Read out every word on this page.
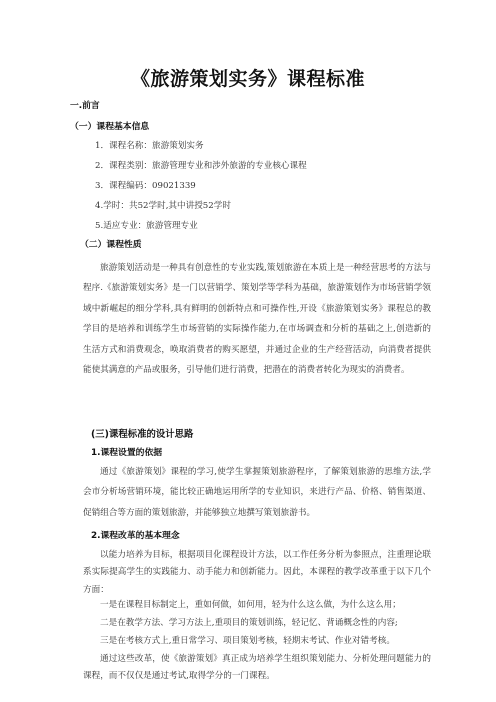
《旅游策划实务》课程标准
一.前言
（一）课程基本信息
1．课程名称：旅游策划实务
2．课程类别：旅游管理专业和涉外旅游的专业核心课程
3．课程编码：09021339
4.学时：共52学时,其中讲授52学时
5.适应专业：旅游管理专业
（二）课程性质

旅游策划活动是一种具有创意性的专业实践,策划旅游在本质上是一种经营思考的方法与程序.《旅游策划实务》是一门以营销学、策划学等学科为基础，旅游策划作为市场营销学领域中新崛起的细分学科,具有鲜明的创新特点和可操作性,开设《旅游策划实务》课程总的教学目的是培养和训练学生市场营销的实际操作能力,在市场调查和分析的基础之上,创造新的生活方式和消费观念，唤取消费者的购买愿望，并通过企业的生产经营活动，向消费者提供能使其满意的产品或服务，引导他们进行消费，把潜在的消费者转化为现实的消费者。

(三)课程标准的设计思路
1.课程设置的依据

通过《旅游策划》课程的学习,使学生掌握策划旅游程序，了解策划旅游的思维方法,学会市分析场营销环境，能比较正确地运用所学的专业知识，来进行产品、价格、销售渠道、促销组合等方面的策划旅游，并能够独立地撰写策划旅游书。

2.课程改革的基本理念

以能力培养为目标，根据项目化课程设计方法，以工作任务分析为参照点，注重理论联系实际提高学生的实践能力、动手能力和创新能力。因此，本课程的教学改革重于以下几个方面：

一是在课程目标制定上，重如何做，如何用，轻为什么这么做，为什么这么用；
二是在教学方法、学习方法上,重项目的策划训练，轻记忆、背诵概念性的内容;
三是在考核方式上,重日常学习、项目策划考核，轻期末考试、作业对错考核。

通过这些改革，使《旅游策划》真正成为培养学生组织策划能力、分析处理问题能力的课程，而不仅仅是通过考试,取得学分的一门课程。
